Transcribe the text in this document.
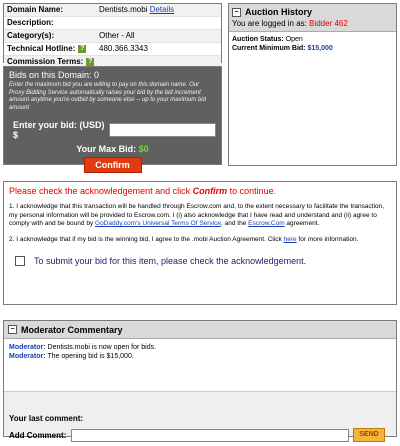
Domain Name:	Dentists.mobi Details
Description:
Category(s):	Other - All
Technical Hotline: ?	480.366.3343
Commission Terms: ?
Bids on this Domain: 0
Enter the maximum bid you are willing to pay on this domain name. Our Proxy Bidding Service automatically raises your bid by the bid increment amount anytime you're outbid by someone else -- up to your maximum bid amount
Enter your bid: (USD) $
Your Max Bid: $0
Confirm
− Auction History
You are logged in as: Bidder 462
Auction Status: Open
Current Minimum Bid: $15,000
Please check the acknowledgement and click Confirm to continue.
1. I acknowledge that this transaction will be handled through Escrow.com and, to the extent necessary to facilitate the transaction, my personal information will be provided to Escrow.com. I (i) also acknowledge that I have read and understand and (ii) agree to comply with and be bound by GoDaddy.com's Universal Terms Of Service, and the Escrow.Com agreement.
2. I acknowledge that if my bid is the winning bid, I agree to the .mobi Auction Agreement. Click here for more information.
To submit your bid for this item, please check the acknowledgement.
− Moderator Commentary
Moderator: Dentists.mobi is now open for bids.
Moderator: The opening bid is $15,000.
Your last comment:
Add Comment:	SEND
